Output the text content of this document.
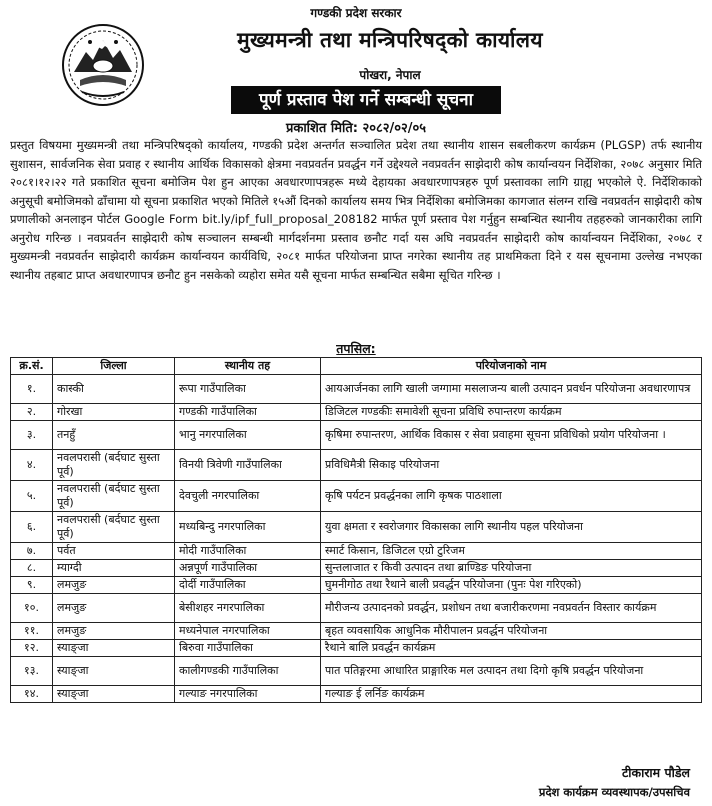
गण्डकी प्रदेश सरकार
मुख्यमन्त्री तथा मन्त्रिपरिषद्को कार्यालय
पोखरा, नेपाल
पूर्ण प्रस्ताव पेश गर्ने सम्बन्धी सूचना
प्रकाशित मिति: २०८२/०२/०५

प्रस्तुत विषयमा मुख्यमन्त्री तथा मन्त्रिपरिषद्को कार्यालय, गण्डकी प्रदेश अन्तर्गत सञ्चालित प्रदेश तथा स्थानीय शासन सबलीकरण कार्यक्रम (PLGSP) तर्फ स्थानीय सुशासन, सार्वजनिक सेवा प्रवाह र स्थानीय आर्थिक विकासको क्षेत्रमा नवप्रवर्तन प्रवर्द्धन गर्ने उद्देश्यले नवप्रवर्तन साझेदारी कोष कार्यान्वयन निर्देशिका, २०७८ अनुसार मिति २०८१।१२।२२ गते प्रकाशित सूचना बमोजिम पेश हुन आएका अवधारणापत्रहरू मध्ये देहायका अवधारणापत्रहरु पूर्ण प्रस्तावका लागि ग्राह्य भएकोले ऐ. निर्देशिकाको अनुसूची बमोजिमको ढाँचामा यो सूचना प्रकाशित भएको मितिले १५औं दिनको कार्यालय समय भित्र निर्देशिका बमोजिमका कागजात संलग्न राखि नवप्रवर्तन साझेदारी कोष प्रणालीको अनलाइन पोर्टल Google Form bit.ly/ipf_full_proposal_208182 मार्फत पूर्ण प्रस्ताव पेश गर्नुहुन सम्बन्धित स्थानीय तहहरुको जानकारीका लागि अनुरोध गरिन्छ । नवप्रवर्तन साझेदारी कोष सञ्चालन सम्बन्धी मार्गदर्शनमा प्रस्ताव छनौट गर्दा यस अघि नवप्रवर्तन साझेदारी कोष कार्यान्वयन निर्देशिका, २०७८ र मुख्यमन्त्री नवप्रवर्तन साझेदारी कार्यक्रम कार्यान्वयन कार्यविधि, २०८१ मार्फत परियोजना प्राप्त नगरेका स्थानीय तह प्राथमिकता दिने र यस सूचनामा उल्लेख नभएका स्थानीय तहबाट प्राप्त अवधारणापत्र छनौट हुन नसकेको व्यहोरा समेत यसै सूचना मार्फत सम्बन्धित सबैमा सूचित गरिन्छ ।

तपसिल:
क्र.सं.	जिल्ला	स्थानीय तह	परियोजनाको नाम
१.	कास्की	रूपा गाउँपालिका	आयआर्जनका लागि खाली जग्गामा मसलाजन्य बाली उत्पादन प्रवर्धन परियोजना अवधारणापत्र
२.	गोरखा	गण्डकी गाउँपालिका	डिजिटल गण्डकीः समावेशी सूचना प्रविधि रुपान्तरण कार्यक्रम
३.	तनहुँ	भानु नगरपालिका	कृषिमा रुपान्तरण, आर्थिक विकास र सेवा प्रवाहमा सूचना प्रविधिको प्रयोग परियोजना ।
४.	नवलपरासी (बर्दघाट सुस्ता पूर्व)	विनयी त्रिवेणी गाउँपालिका	प्रविधिमैत्री सिकाइ परियोजना
५.	नवलपरासी (बर्दघाट सुस्ता पूर्व)	देवचुली नगरपालिका	कृषि पर्यटन प्रवर्द्धनका लागि कृषक पाठशाला
६.	नवलपरासी (बर्दघाट सुस्ता पूर्व)	मध्यबिन्दु नगरपालिका	युवा क्षमता र स्वरोजगार विकासका लागि स्थानीय पहल परियोजना
७.	पर्वत	मोदी गाउँपालिका	स्मार्ट किसान, डिजिटल एग्रो टुरिजम
८.	म्याग्दी	अन्नपूर्ण गाउँपालिका	सुन्तलाजात र किवी उत्पादन तथा ब्राण्डिङ परियोजना
९.	लमजुङ	दोर्दी गाउँपालिका	घुमनीगोठ तथा रैथाने बाली प्रवर्द्धन परियोजना (पुनः पेश गरिएको)
१०.	लमजुङ	बेसीशहर नगरपालिका	मौरीजन्य उत्पादनको प्रवर्द्धन, प्रशोधन तथा बजारीकरणमा नवप्रवर्तन विस्तार कार्यक्रम
११.	लमजुङ	मध्यनेपाल नगरपालिका	बृहत व्यवसायिक आधुनिक मौरीपालन प्रवर्द्धन परियोजना
१२.	स्याङ्जा	बिरुवा गाउँपालिका	रैथाने बालि प्रवर्द्धन कार्यक्रम
१३.	स्याङ्जा	कालीगण्डकी गाउँपालिका	पात पतिङ्गरमा आधारित प्राङ्गारिक मल उत्पादन तथा दिगो कृषि प्रवर्द्धन परियोजना
१४.	स्याङ्जा	गल्याङ नगरपालिका	गल्याङ ई लर्निङ कार्यक्रम
टीकाराम पौडेल
प्रदेश कार्यक्रम व्यवस्थापक/उपसचिव
